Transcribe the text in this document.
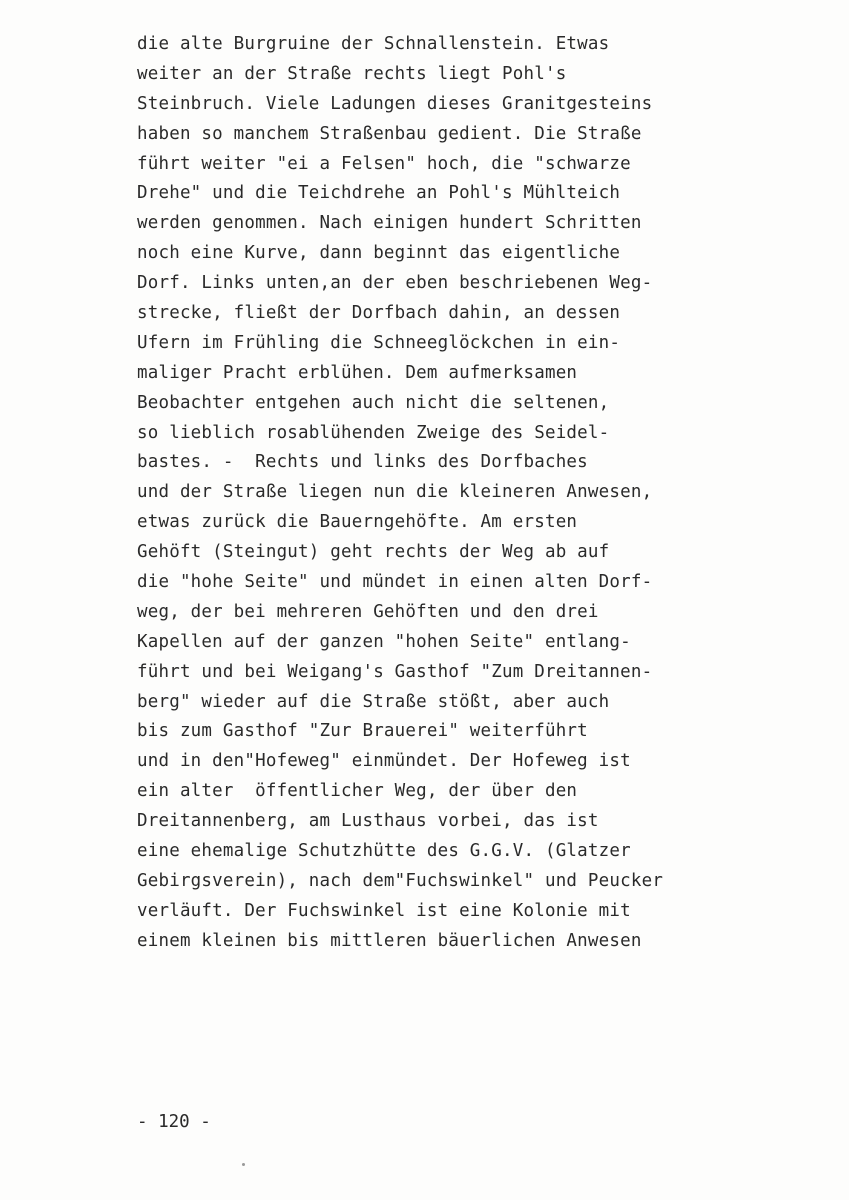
die alte Burgruine der Schnallenstein. Etwas
weiter an der Straße rechts liegt Pohl's
Steinbruch. Viele Ladungen dieses Granitgesteins
haben so manchem Straßenbau gedient. Die Straße
führt weiter "ei a Felsen" hoch, die "schwarze
Drehe" und die Teichdrehe an Pohl's Mühlteich
werden genommen. Nach einigen hundert Schritten
noch eine Kurve, dann beginnt das eigentliche
Dorf. Links unten,an der eben beschriebenen Weg-
strecke, fließt der Dorfbach dahin, an dessen
Ufern im Frühling die Schneeglöckchen in ein-
maliger Pracht erblühen. Dem aufmerksamen
Beobachter entgehen auch nicht die seltenen,
so lieblich rosablühenden Zweige des Seidel-
bastes. -  Rechts und links des Dorfbaches
und der Straße liegen nun die kleineren Anwesen,
etwas zurück die Bauerngehöfte. Am ersten
Gehöft (Steingut) geht rechts der Weg ab auf
die "hohe Seite" und mündet in einen alten Dorf-
weg, der bei mehreren Gehöften und den drei
Kapellen auf der ganzen "hohen Seite" entlang-
führt und bei Weigang's Gasthof "Zum Dreitannen-
berg" wieder auf die Straße stößt, aber auch
bis zum Gasthof "Zur Brauerei" weiterführt
und in den"Hofeweg" einmündet. Der Hofeweg ist
ein alter  öffentlicher Weg, der über den
Dreitannenberg, am Lusthaus vorbei, das ist
eine ehemalige Schutzhütte des G.G.V. (Glatzer
Gebirgsverein), nach dem"Fuchswinkel" und Peucker
verläuft. Der Fuchswinkel ist eine Kolonie mit
einem kleinen bis mittleren bäuerlichen Anwesen
- 120 -
